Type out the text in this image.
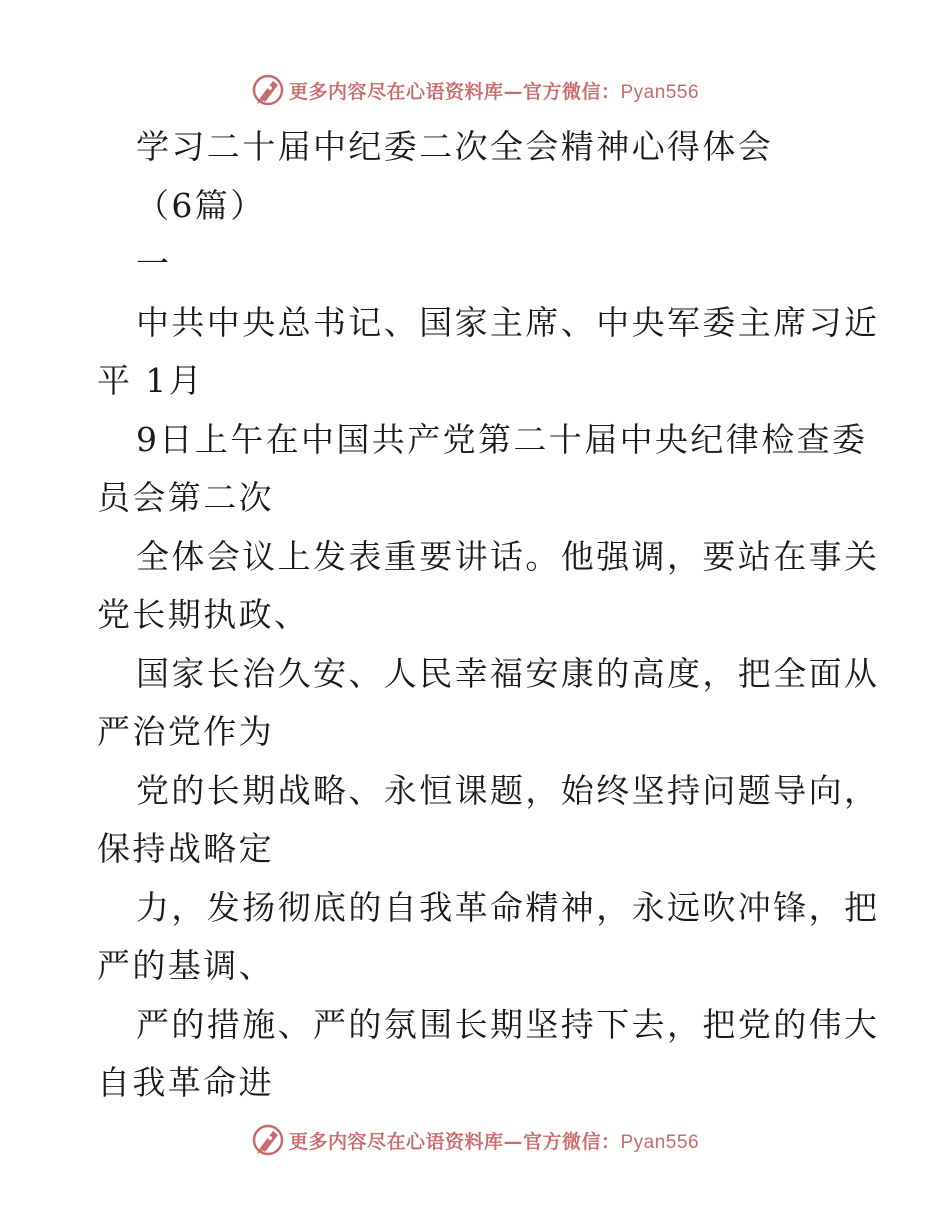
更多内容尽在心语资料库—官方微信：Pyan556
学习二十届中纪委二次全会精神心得体会
（6篇）
一
中共中央总书记、国家主席、中央军委主席习近
平 1月
9日上午在中国共产党第二十届中央纪律检查委
员会第二次
全体会议上发表重要讲话。他强调，要站在事关
党长期执政、
国家长治久安、人民幸福安康的高度，把全面从
严治党作为
党的长期战略、永恒课题，始终坚持问题导向，
保持战略定
力，发扬彻底的自我革命精神，永远吹冲锋，把
严的基调、
严的措施、严的氛围长期坚持下去，把党的伟大
自我革命进
更多内容尽在心语资料库—官方微信：Pyan556
